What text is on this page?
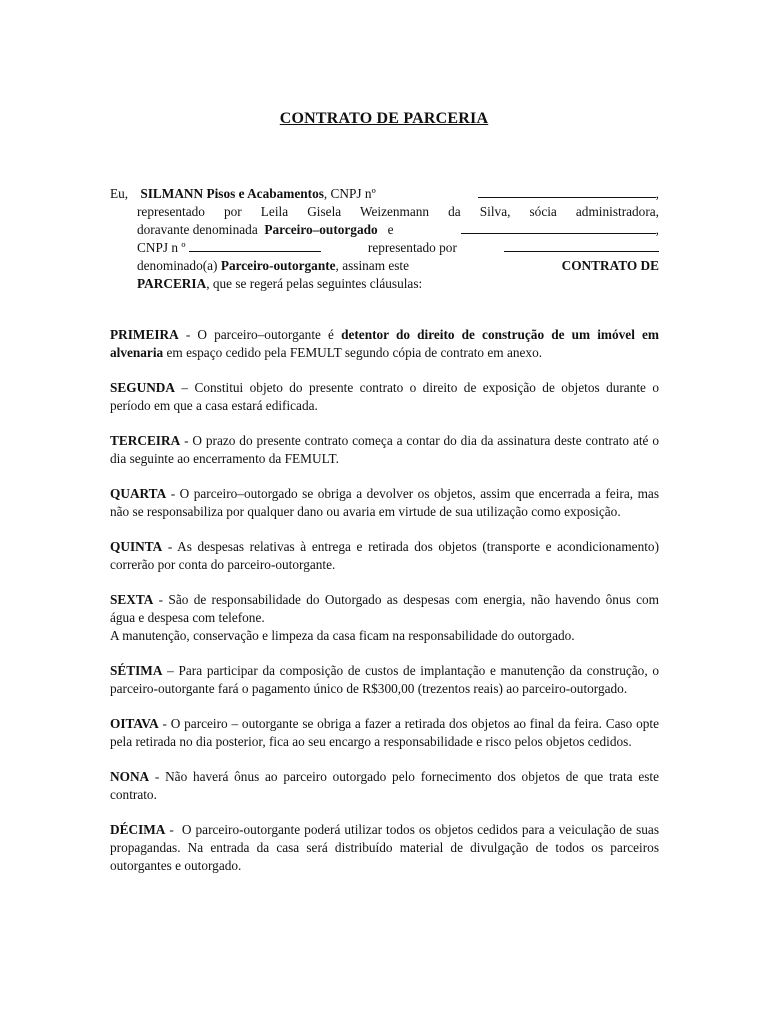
CONTRATO DE PARCERIA
Eu, SILMANN Pisos e Acabamentos, CNPJ nº	,
representado por Leila Gisela Weizenmann da Silva, sócia administradora,
doravante denominada Parceiro–outorgado e	,
CNPJ n º	representado por
denominado(a) Parceiro-outorgante, assinam este	CONTRATO DE
PARCERIA, que se regerá pelas seguintes cláusulas:

PRIMEIRA - O parceiro–outorgante é detentor do direito de construção de um imóvel em alvenaria em espaço cedido pela FEMULT segundo cópia de contrato em anexo.

SEGUNDA – Constitui objeto do presente contrato o direito de exposição de objetos durante o período em que a casa estará edificada.

TERCEIRA - O prazo do presente contrato começa a contar do dia da assinatura deste contrato até o dia seguinte ao encerramento da FEMULT.

QUARTA - O parceiro–outorgado se obriga a devolver os objetos, assim que encerrada a feira, mas não se responsabiliza por qualquer dano ou avaria em virtude de sua utilização como exposição.

QUINTA - As despesas relativas à entrega e retirada dos objetos (transporte e acondicionamento) correrão por conta do parceiro-outorgante.

SEXTA - São de responsabilidade do Outorgado as despesas com energia, não havendo ônus com água e despesa com telefone.
A manutenção, conservação e limpeza da casa ficam na responsabilidade do outorgado.

SÉTIMA – Para participar da composição de custos de implantação e manutenção da construção, o parceiro-outorgante fará o pagamento único de R$300,00 (trezentos reais) ao parceiro-outorgado.

OITAVA - O parceiro – outorgante se obriga a fazer a retirada dos objetos ao final da feira. Caso opte pela retirada no dia posterior, fica ao seu encargo a responsabilidade e risco pelos objetos cedidos.

NONA - Não haverá ônus ao parceiro outorgado pelo fornecimento dos objetos de que trata este contrato.

DÉCIMA -  O parceiro-outorgante poderá utilizar todos os objetos cedidos para a veiculação de suas propagandas. Na entrada da casa será distribuído material de divulgação de todos os parceiros outorgantes e outorgado.
